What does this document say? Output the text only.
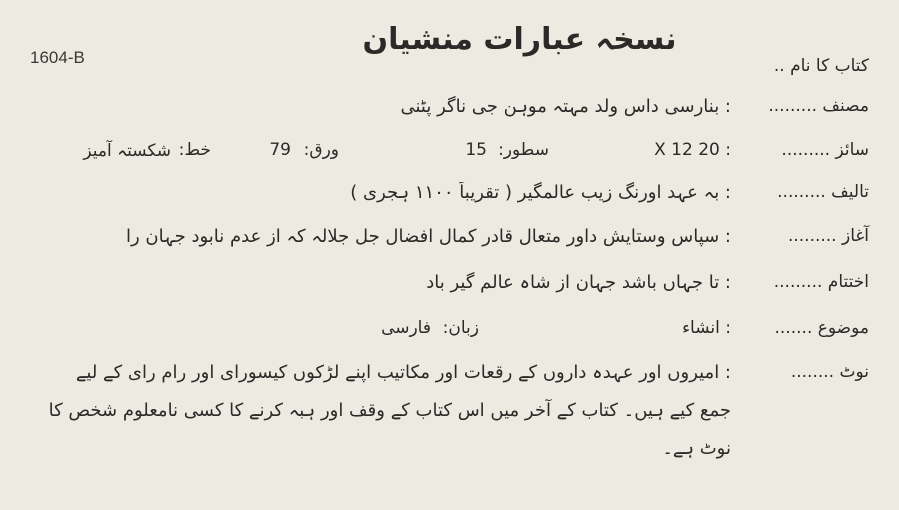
1604-B
نسخہ عبارات منشیان
کتاب کا نام ..
مصنف .........
: بنارسی داس ولد مہتہ موہن جی ناگر پٹنی
سائز .........
: 20 X 12
سطور:
15
ورق:
79
خط:
شکستہ آمیز
تالیف .........
: بہ عہد اورنگ زیب عالمگیر ( تقریباً ۱۱۰۰ ہجری )
آغاز .........
: سپاس وستایش داور متعال قادر کمال افضال جل جلالہ کہ از عدم نابود جہان را
اختتام .........
: تا جہاں باشد جہان از شاہ عالم گیر باد
موضوع .......
: انشاء
زبان:
فارسی
نوٹ ........
: امیروں اور عہدہ داروں کے رقعات اور مکاتیب اپنے لڑکوں کیسورای اور رام رای کے لیے
جمع کیے ہیں۔ کتاب کے آخر میں اس کتاب کے وقف اور ہبہ کرنے کا کسی نامعلوم شخص کا
نوٹ ہے۔
